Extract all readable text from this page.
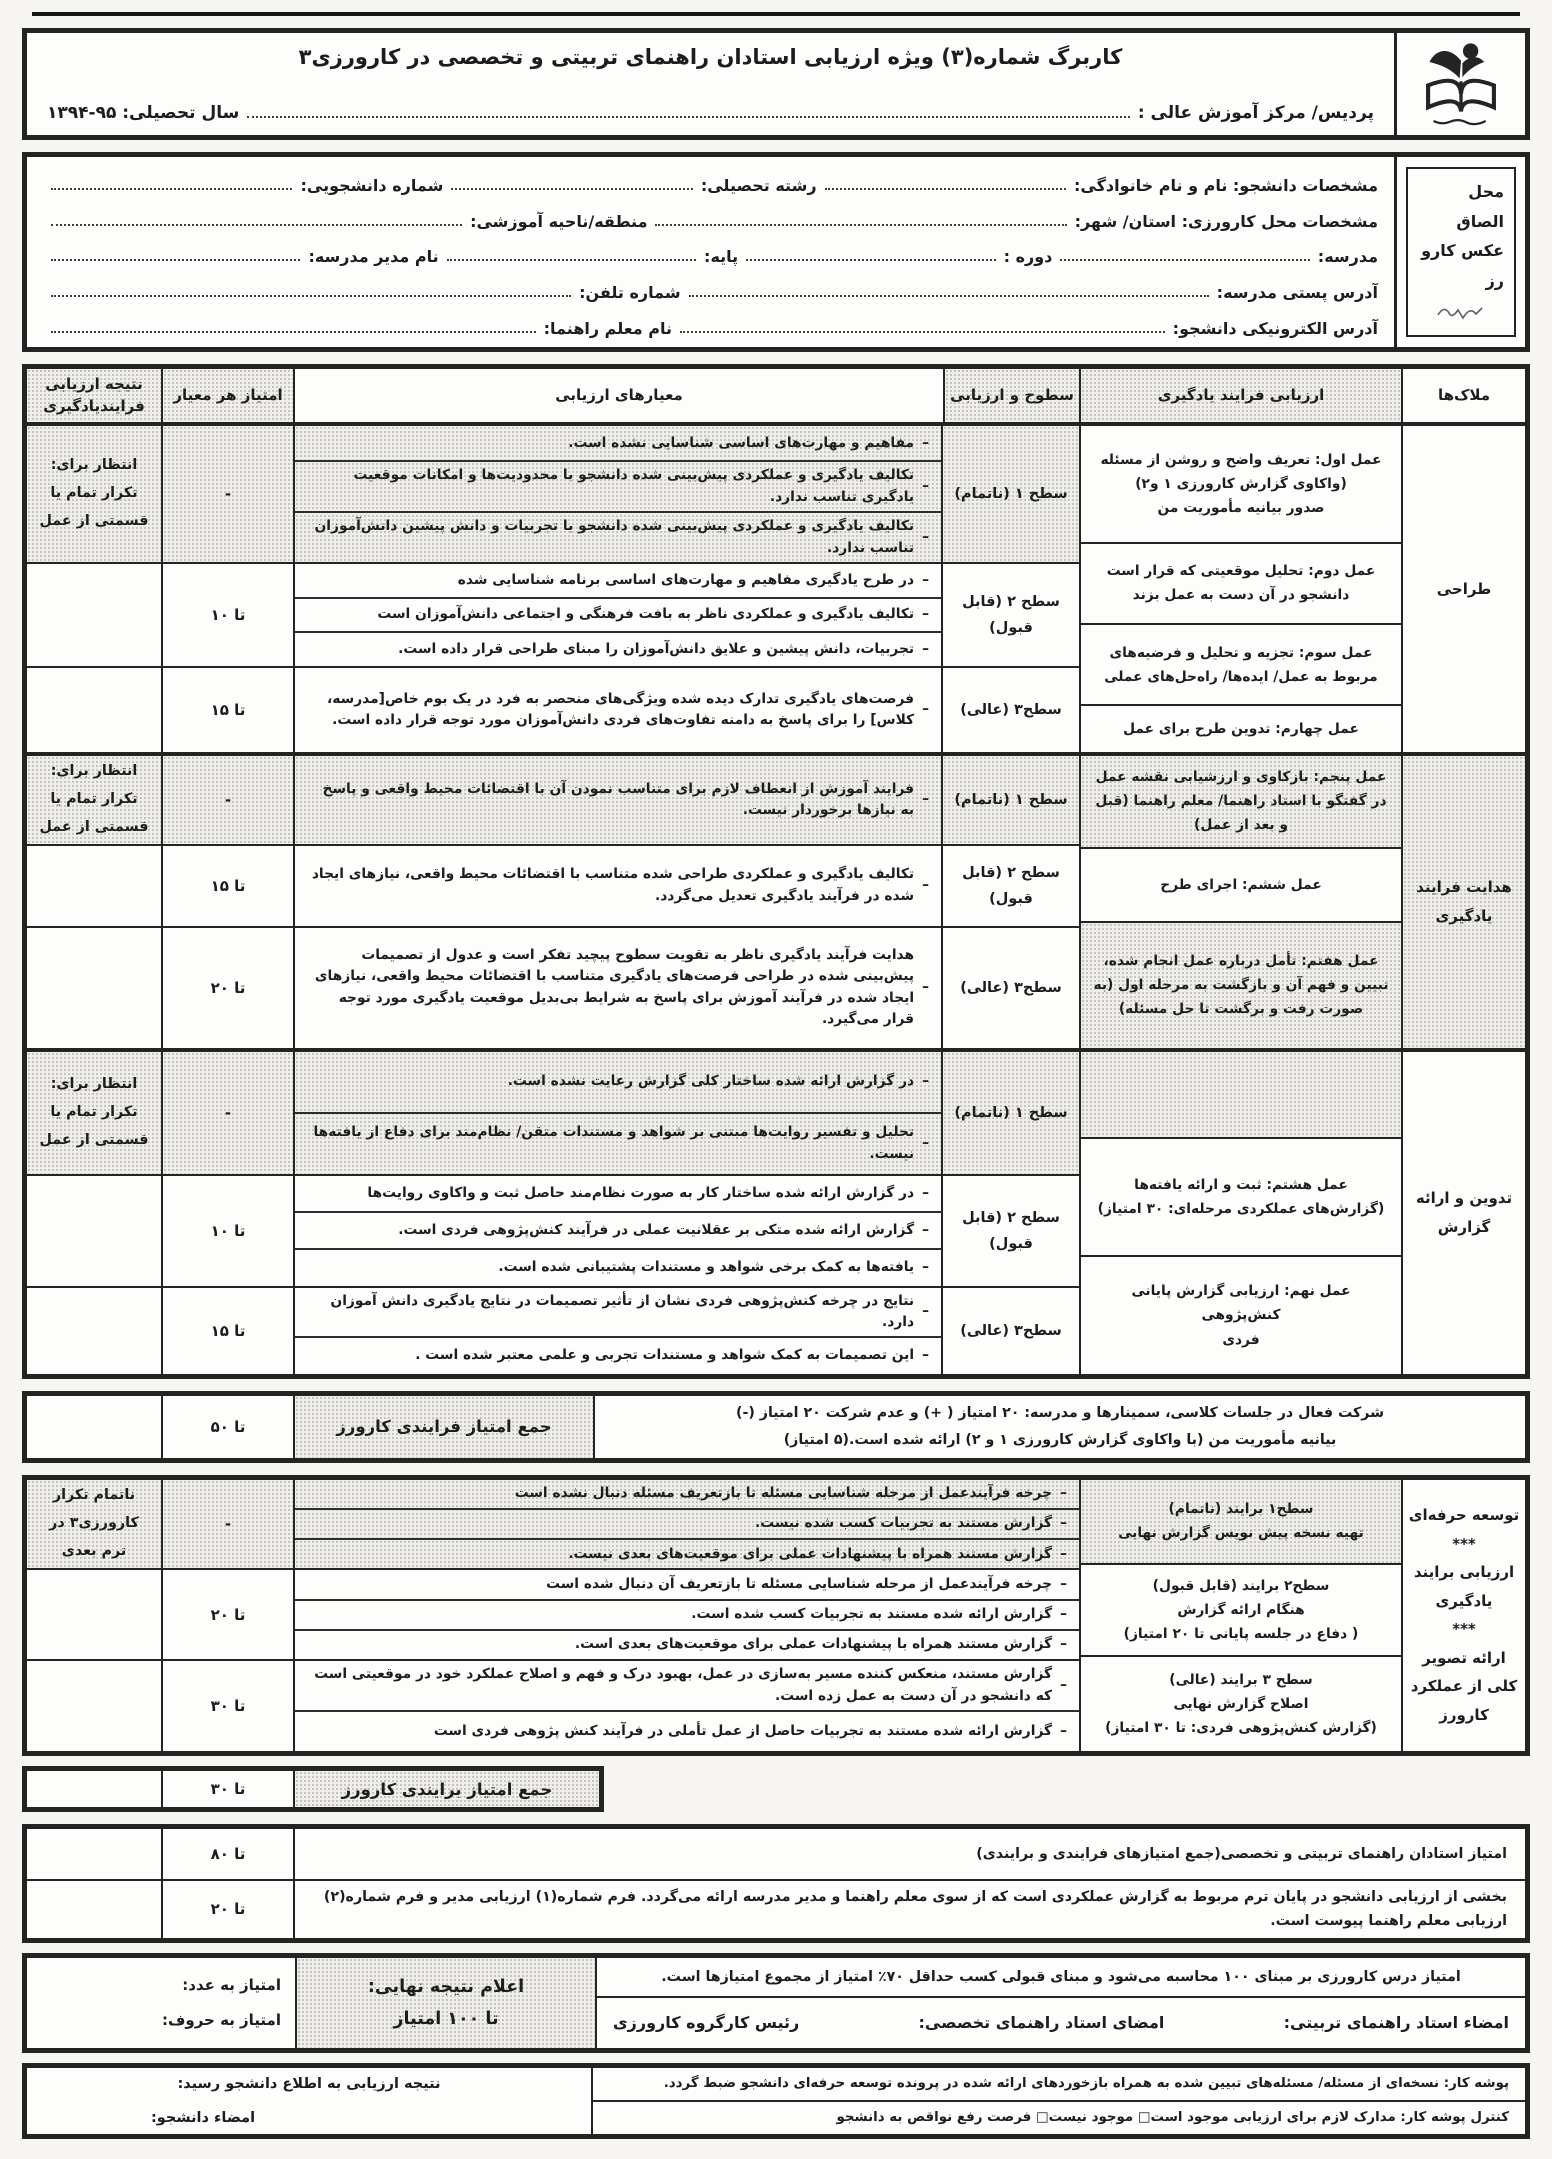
کاربرگ شماره(۳) ویژه ارزیابی استادان راهنمای تربیتی و تخصصی در کارورزی۳
پردیس/ مرکز آموزش عالی :
سال تحصیلی: ۹۵-۱۳۹۴
محل
الصاق
عکس کارو
رز
مشخصات دانشجو: نام و نام خانوادگی:
رشته تحصیلی:
شماره دانشجویی:
مشخصات محل کارورزی: استان/ شهر:
منطقه/ناحیه آموزشی:
مدرسه:
دوره :
پایه:
نام مدیر مدرسه:
آدرس پستی مدرسه:
شماره تلفن:
آدرس الکترونیکی دانشجو:
نام معلم راهنما:
ملاک‌ها
ارزیابی فرایند یادگیری
سطوح و ارزیابی
معیارهای ارزیابی
امتیاز هر معیار
نتیجه ارزیابی فرایندیادگیری
طراحی
عمل اول: تعریف واضح و روشن از مسئله
(واکاوی گزارش کارورزی ۱ و۲)
صدور بیانیه مأموریت من
عمل دوم: تحلیل موقعیتی که قرار است دانشجو در آن دست به عمل بزند
عمل سوم: تجزیه و تحلیل و فرضیه‌های مربوط به عمل/ ایده‌ها/ راه‌حل‌های عملی
عمل چهارم: تدوین طرح برای عمل
سطح ۱ (ناتمام)
– مفاهیم و مهارت‌های اساسی شناسایی نشده است.
– تکالیف یادگیری و عملکردی پیش‌بینی شده دانشجو با محدودیت‌ها و امکانات موقعیت یادگیری تناسب ندارد.
– تکالیف یادگیری و عملکردی پیش‌بینی شده دانشجو با تجربیات و دانش پیشین دانش‌آموزان تناسب ندارد.
-
انتظار برای: تکرار تمام یا قسمتی از عمل
سطح ۲ (قابل قبول)
– در طرح یادگیری مفاهیم و مهارت‌های اساسی برنامه شناسایی شده
– تکالیف یادگیری و عملکردی ناظر به بافت فرهنگی و اجتماعی دانش‌آموزان است
– تجربیات، دانش پیشین و علایق دانش‌آموزان را مبنای طراحی قرار داده است.
تا ۱۰
سطح۳ (عالی)
– فرصت‌های یادگیری تدارک دیده شده ویژگی‌های منحصر به فرد در یک بوم خاص[مدرسه، کلاس] را برای پاسخ به دامنه تفاوت‌های فردی دانش‌آموزان مورد توجه قرار داده است.
تا ۱۵
هدایت فرایند یادگیری
عمل پنجم: بازکاوی و ارزشیابی نقشه عمل در گفتگو با استاد راهنما/ معلم راهنما (قبل و بعد از عمل)
عمل ششم: اجرای طرح
عمل هفتم: تأمل درباره عمل انجام شده، تبیین و فهم آن و بازگشت به مرحله اول (به صورت رفت و برگشت تا حل مسئله)
سطح ۱ (ناتمام)
– فرایند آموزش از انعطاف لازم برای متناسب نمودن آن با اقتضائات محیط واقعی و پاسخ به نیازها برخوردار نیست.
-
انتظار برای: تکرار تمام یا قسمتی از عمل
سطح ۲ (قابل قبول)
– تکالیف یادگیری و عملکردی طراحی شده متناسب با اقتضائات محیط واقعی، نیازهای ایجاد شده در فرآیند یادگیری تعدیل می‌گردد.
تا ۱۵
سطح۳ (عالی)
– هدایت فرآیند یادگیری ناظر به تقویت سطوح پیچید تفکر است و عدول از تصمیمات پیش‌بینی شده در طراحی فرصت‌های یادگیری متناسب با اقتضائات محیط واقعی، نیازهای ایجاد شده در فرآیند آموزش برای پاسخ به شرایط بی‌بدیل موقعیت یادگیری مورد توجه قرار می‌گیرد.
تا ۲۰
تدوین و ارائه گزارش
عمل هشتم: ثبت و ارائه یافته‌ها
(گزارش‌های عملکردی مرحله‌ای: ۳۰ امتیاز)
عمل نهم: ارزیابی گزارش پایانی کنش‌پژوهی
فردی
سطح ۱ (ناتمام)
– در گزارش ارائه شده ساختار کلی گزارش رعایت نشده است.
– تحلیل و تفسیر روایت‌ها مبتنی بر شواهد و مستندات متقن/ نظام‌مند برای دفاع از یافته‌ها نیست.
-
انتظار برای: تکرار تمام یا قسمتی از عمل
سطح ۲ (قابل قبول)
– در گزارش ارائه شده ساختار کار به صورت نظام‌مند حاصل ثبت و واکاوی روایت‌ها
– گزارش ارائه شده متکی بر عقلانیت عملی در فرآیند کنش‌پژوهی فردی است.
– یافته‌ها به کمک برخی شواهد و مستندات پشتیبانی شده است.
تا ۱۰
سطح۳ (عالی)
– نتایج در چرخه کنش‌پژوهی فردی نشان از تأثیر تصمیمات در نتایج یادگیری دانش آموزان دارد.
– این تصمیمات به کمک شواهد و مستندات تجربی و علمی معتبر شده است .
تا ۱۵
شرکت فعال در جلسات کلاسی، سمینارها و مدرسه: ۲۰ امتیاز ( +) و عدم شرکت ۲۰ امتیاز (-)
بیانیه مأموریت من (با واکاوی گزارش کارورزی ۱ و ۲) ارائه شده است.(۵ امتیاز)
جمع امتیاز فرایندی کارورز
تا ۵۰
توسعه حرفه‌ای
***
ارزیابی برایند یادگیری
***
ارائه تصویر کلی از عملکرد کارورز
سطح۱ برایند (ناتمام)
تهیه نسخه پیش نویس گزارش نهایی
سطح۲ برایند (قابل قبول)
هنگام ارائه گزارش
( دفاع در جلسه پایانی تا ۲۰ امتیاز)
سطح ۳ برایند (عالی)
اصلاح گزارش نهایی
(گزارش کنش‌پژوهی فردی: تا ۳۰ امتیاز)
– چرخه فرآیندعمل از مرحله شناسایی مسئله تا بازتعریف مسئله دنبال نشده است
– گزارش مستند به تجربیات کسب شده نیست.
– گزارش مستند همراه با پیشنهادات عملی برای موقعیت‌های بعدی نیست.
-
ناتمام تکرار کارورزی۳ در ترم بعدی
– چرخه فرآیندعمل از مرحله شناسایی مسئله تا بازتعریف آن دنبال شده است
– گزارش ارائه شده مستند به تجربیات کسب شده است.
– گزارش مستند همراه با پیشنهادات عملی برای موقعیت‌های بعدی است.
تا ۲۰
– گزارش مستند، منعکس کننده مسیر به‌سازی در عمل، بهبود درک و فهم و اصلاح عملکرد خود در موقعیتی است که دانشجو در آن دست به عمل زده است.
– گزارش ارائه شده مستند به تجربیات حاصل از عمل تأملی در فرآیند کنش پژوهی فردی است
تا ۳۰
جمع امتیاز برایندی کارورز
تا ۳۰
امتیاز استادان راهنمای تربیتی و تخصصی(جمع امتیازهای فرایندی و برایندی)
تا ۸۰
بخشی از ارزیابی دانشجو در پایان ترم مربوط به گزارش عملکردی است که از سوی معلم راهنما و مدیر مدرسه ارائه می‌گردد. فرم شماره(۱) ارزیابی مدیر و فرم شماره(۲) ارزیابی معلم راهنما پیوست است.
تا ۲۰
امتیاز درس کارورزی بر مبنای ۱۰۰ محاسبه می‌شود و مبنای قبولی کسب حداقل ۷۰٪ امتیاز از مجموع امتیازها است.
امضاء استاد راهنمای تربیتی:
امضای استاد راهنمای تخصصی:
رئیس کارگروه کارورزی
اعلام نتیجه نهایی:
تا ۱۰۰ امتیاز
امتیاز به عدد:
امتیاز به حروف:
پوشه کار: نسخه‌ای از مسئله/ مسئله‌های تبیین شده به همراه بازخوردهای ارائه شده در پرونده توسعه حرفه‌ای دانشجو ضبط گردد.
کنترل پوشه کار: مدارک لازم برای ارزیابی موجود است□ موجود نیست□ فرصت رفع نواقص به دانشجو
نتیجه ارزیابی به اطلاع دانشجو رسید:
امضاء دانشجو:
